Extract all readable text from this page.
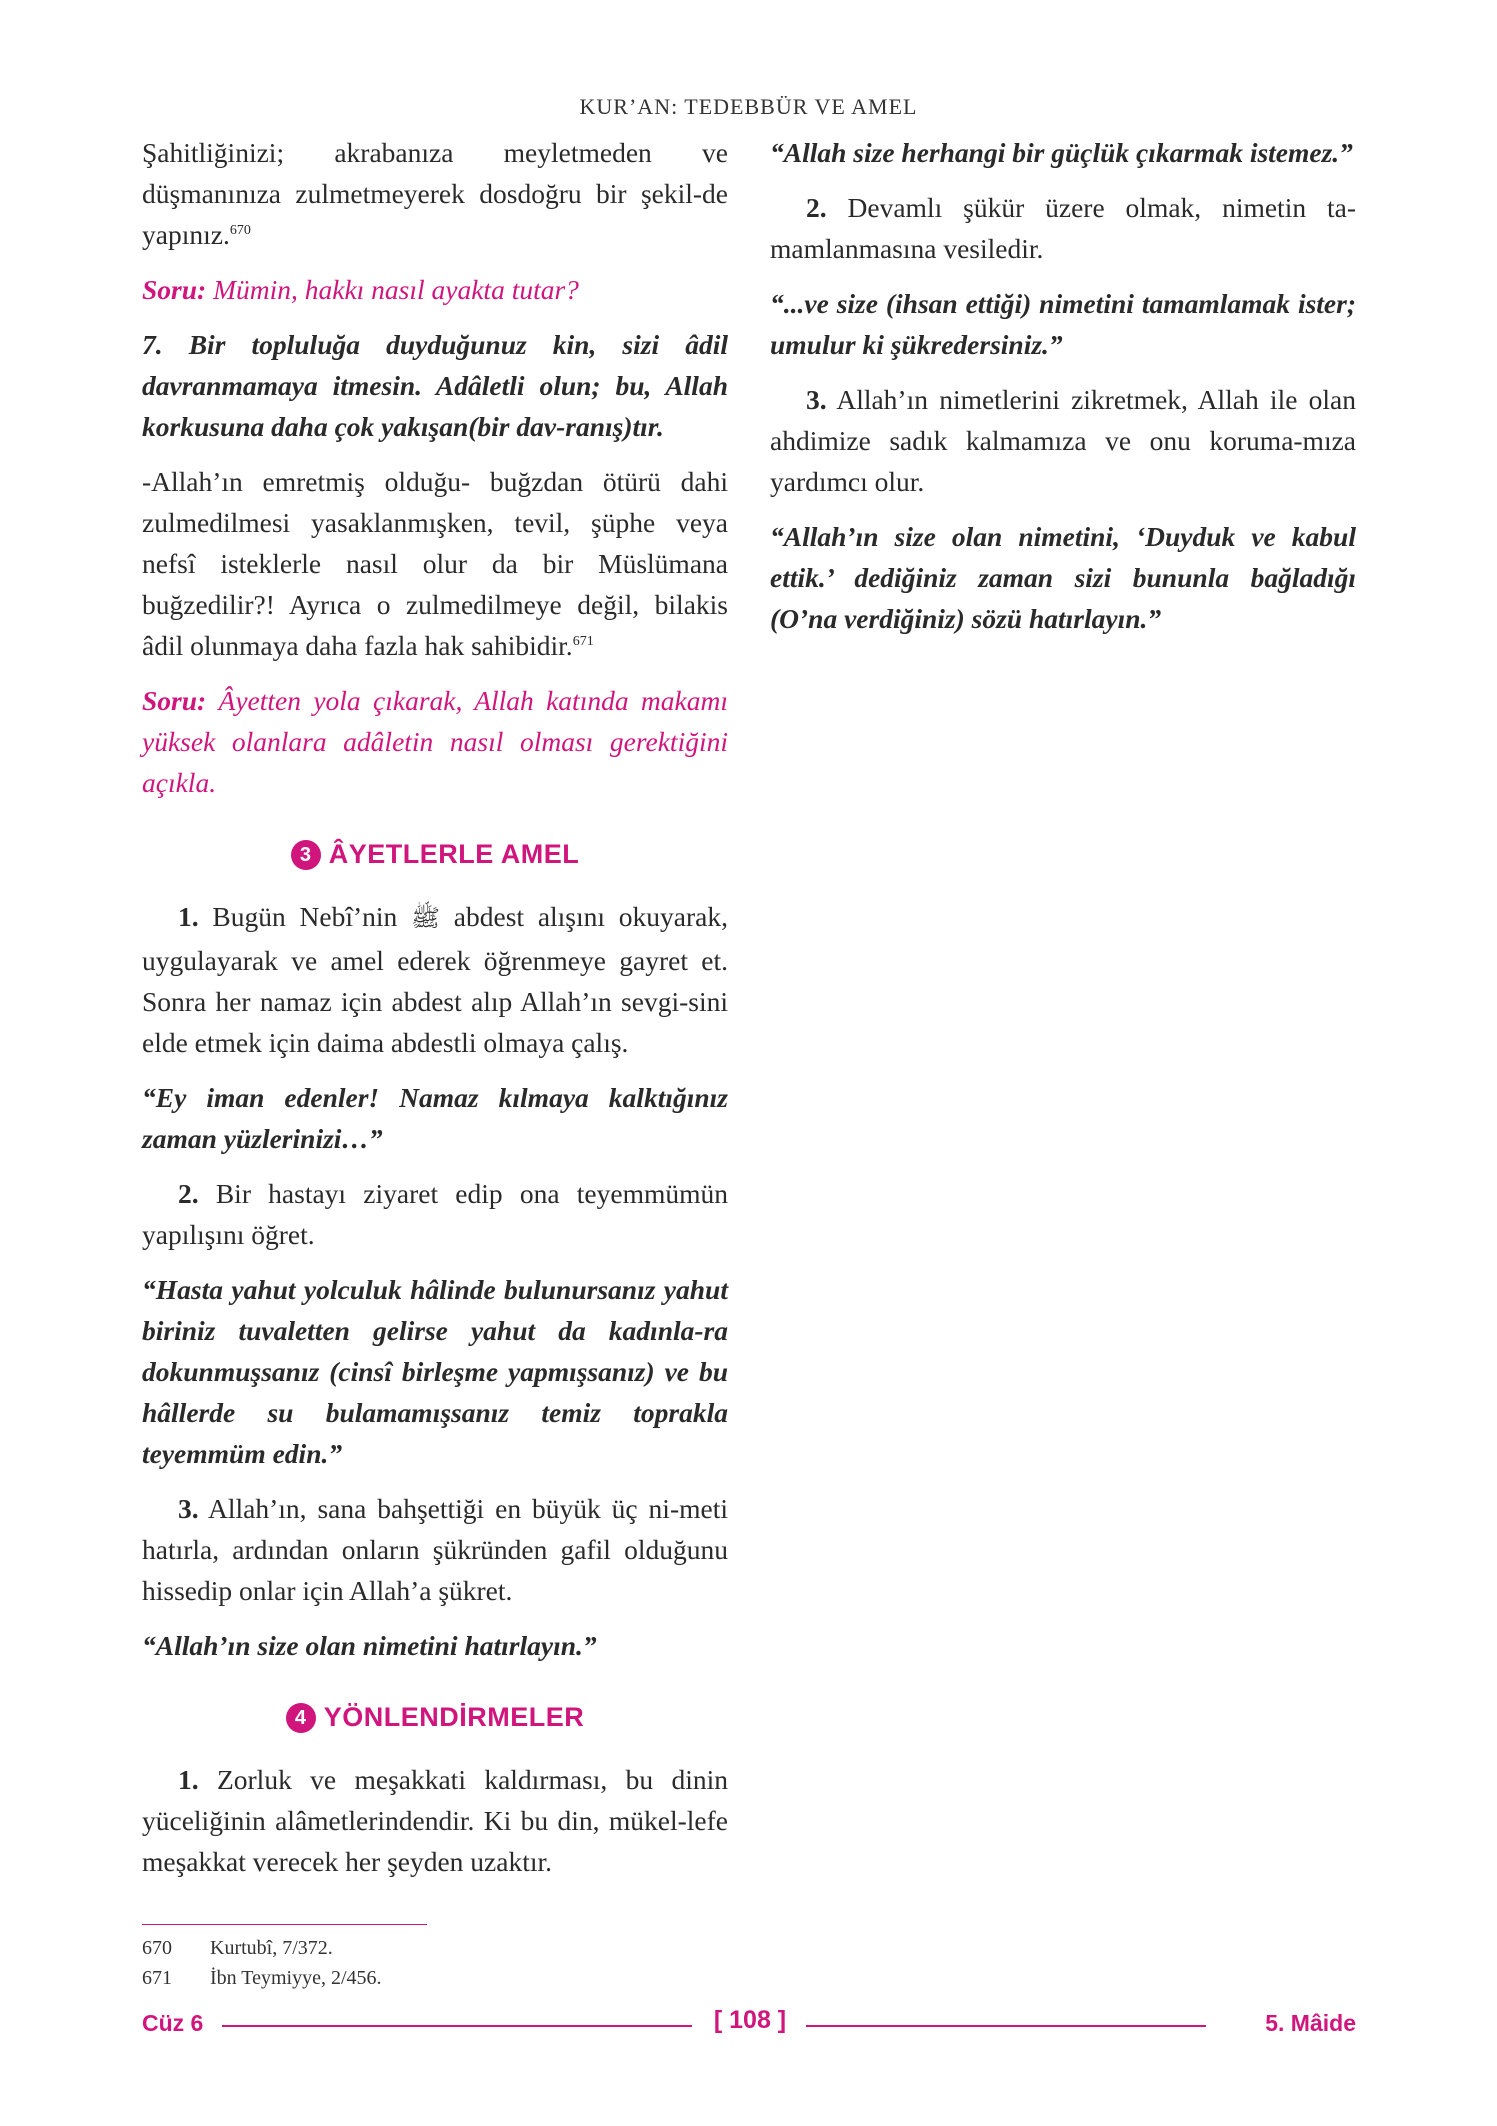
KUR’AN: TEDEBBÜR VE AMEL

Şahitliğinizi; akrabanıza meyletmeden ve düşmanınıza zulmetmeyerek dosdoğru bir şekil-de yapınız.$^{670}$

Soru: Mümin, hakkı nasıl ayakta tutar?

7. Bir topluluğa duyduğunuz kin, sizi âdil davranmamaya itmesin. Adâletli olun; bu, Allah korkusuna daha çok yakışan(bir dav-ranış)tır.

-Allah’ın emretmiş olduğu- buğzdan ötürü dahi zulmedilmesi yasaklanmışken, tevil, şüphe veya nefsî isteklerle nasıl olur da bir Müslümana buğzedilir?! Ayrıca o zulmedilmeye değil, bilakis âdil olunmaya daha fazla hak sahibidir.$^{671}$

Soru: Âyetten yola çıkarak, Allah katında makamı yüksek olanlara adâletin nasıl olması gerektiğini açıkla.

3 ÂYETLERLE AMEL

1. Bugün Nebî’nin ﷺ abdest alışını okuyarak, uygulayarak ve amel ederek öğrenmeye gayret et. Sonra her namaz için abdest alıp Allah’ın sevgi-sini elde etmek için daima abdestli olmaya çalış.

“Ey iman edenler! Namaz kılmaya kalktığınız zaman yüzlerinizi…”

2. Bir hastayı ziyaret edip ona teyemmümün yapılışını öğret.

“Hasta yahut yolculuk hâlinde bulunursanız yahut biriniz tuvaletten gelirse yahut da kadınla-ra dokunmuşsanız (cinsî birleşme yapmışsanız) ve bu hâllerde su bulamamışsanız temiz toprakla teyemmüm edin.”

3. Allah’ın, sana bahşettiği en büyük üç ni-meti hatırla, ardından onların şükründen gafil olduğunu hissedip onlar için Allah’a şükret.

“Allah’ın size olan nimetini hatırlayın.”

4 YÖNLENDİRMELER

1. Zorluk ve meşakkati kaldırması, bu dinin yüceliğinin alâmetlerindendir. Ki bu din, mükel-lefe meşakkat verecek her şeyden uzaktır.

“Allah size herhangi bir güçlük çıkarmak istemez.”

2. Devamlı şükür üzere olmak, nimetin ta-mamlanmasına vesiledir.

“...ve size (ihsan ettiği) nimetini tamamlamak ister; umulur ki şükredersiniz.”

3. Allah’ın nimetlerini zikretmek, Allah ile olan ahdimize sadık kalmamıza ve onu koruma-mıza yardımcı olur.

“Allah’ın size olan nimetini, ‘Duyduk ve kabul ettik.’ dediğiniz zaman sizi bununla bağladığı (O’na verdiğiniz) sözü hatırlayın.”

670 Kurtubî, 7/372.
671 İbn Teymiyye, 2/456.
Cüz 6	[ 108 ]	5. Mâide
